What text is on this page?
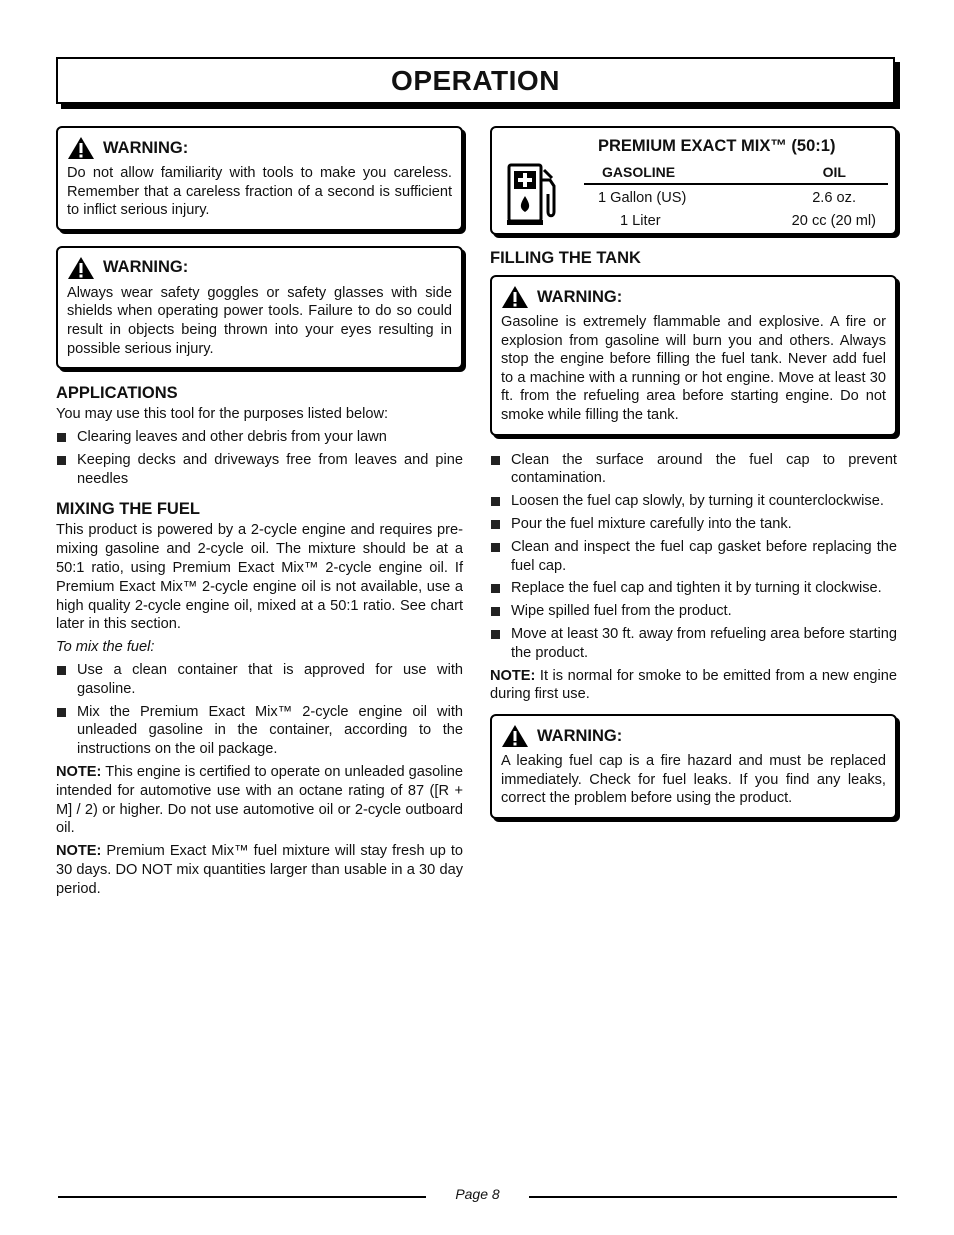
OPERATION
WARNING:

Do not allow familiarity with tools to make you careless. Remember that a careless fraction of a second is sufficient to inflict serious injury.

WARNING:

Always wear safety goggles or safety glasses with side shields when operating power tools. Failure to do so could result in objects being thrown into your eyes resulting in possible serious injury.

APPLICATIONS

You may use this tool for the purposes listed below:

Clearing leaves and other debris from your lawn
Keeping decks and driveways free from leaves and pine needles
MIXING THE FUEL

This product is powered by a 2-cycle engine and requires pre-mixing gasoline and 2-cycle oil. The mixture should be at a 50:1 ratio, using Premium Exact Mix™ 2-cycle engine oil. If Premium Exact Mix™ 2-cycle engine oil is not available, use a high quality 2-cycle engine oil, mixed at a 50:1 ratio. See chart later in this section.

To mix the fuel:

Use a clean container that is approved for use with gasoline.
Mix the Premium Exact Mix™ 2-cycle engine oil with unleaded gasoline in the container, according to the instructions on the oil package.

NOTE: This engine is certified to operate on unleaded gasoline intended for automotive use with an octane rating of 87 ([R + M] / 2) or higher. Do not use automotive oil or 2-cycle outboard oil.

NOTE: Premium Exact Mix™ fuel mixture will stay fresh up to 30 days. DO NOT mix quantities larger than usable in a 30 day period.

PREMIUM EXACT MIX™ (50:1)
GASOLINE	OIL
1 Gallon (US)	2.6 oz.
1 Liter	20 cc (20 ml)
FILLING THE TANK
WARNING:

Gasoline is extremely flammable and explosive. A fire or explosion from gasoline will burn you and others. Always stop the engine before filling the fuel tank. Never add fuel to a machine with a running or hot engine. Move at least 30 ft. from the refueling area before starting engine. Do not smoke while filling the tank.

Clean the surface around the fuel cap to prevent contamination.
Loosen the fuel cap slowly, by turning it counterclockwise.
Pour the fuel mixture carefully into the tank.
Clean and inspect the fuel cap gasket before replacing the fuel cap.
Replace the fuel cap and tighten it by turning it clockwise.
Wipe spilled fuel from the product.
Move at least 30 ft. away from refueling area before starting the product.

NOTE: It is normal for smoke to be emitted from a new engine during first use.

WARNING:

A leaking fuel cap is a fire hazard and must be replaced immediately. Check for fuel leaks. If you find any leaks, correct the problem before using the product.

Page 8
